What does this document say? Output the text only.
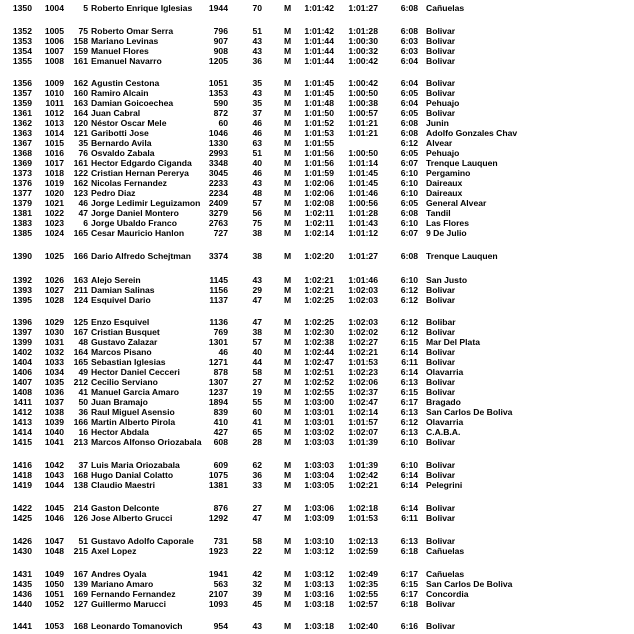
1350	1004	5 Roberto Enrique Iglesias	1944	70	M 1:01:42 1:01:27	6:08 Cañuelas
1352	1005	75 Roberto Omar Serra	796	51	M 1:01:42 1:01:28	6:08 Bolivar
1353	1006	158 Mariano Levinas	907	43	M 1:01:44 1:00:30	6:03 Bolivar
1354	1007	159 Manuel Flores	908	43	M 1:01:44 1:00:32	6:03 Bolivar
1355	1008	161 Emanuel Navarro	1205	36	M 1:01:44 1:00:42	6:04 Bolivar
1356	1009	162 Agustin Cestona	1051	35	M 1:01:45 1:00:42	6:04 Bolivar
1357	1010	160 Ramiro Alcain	1353	43	M 1:01:45 1:00:50	6:05 Bolivar
1359	1011	163 Damian Goicoechea	590	35	M 1:01:48 1:00:38	6:04 Pehuajo
1361	1012	164 Juan Cabral	872	37	M 1:01:50 1:00:57	6:05 Bolivar
1362	1013	120 Néstor Oscar Mele	60	46	M 1:01:52 1:01:21	6:08 Junin
1363	1014	121 Garibotti Jose	1046	46	M 1:01:53 1:01:21	6:08 Adolfo Gonzales Chav
1367	1015	35 Bernardo Avila	1330	63	M 1:01:55	6:12 Alvear
1368	1016	76 Osvaldo Zabala	2993	51	M 1:01:56 1:00:50	6:05 Pehuajo
1369	1017	161 Hector Edgardo Ciganda	3348	40	M 1:01:56 1:01:14	6:07 Trenque Lauquen
1373	1018	122 Cristian Hernan Pererya	3045	46	M 1:01:59 1:01:45	6:10 Pergamino
1376	1019	162 Nicolas Fernandez	2233	43	M 1:02:06 1:01:45	6:10 Daireaux
1377	1020	123 Pedro Diaz	2234	48	M 1:02:06 1:01:46	6:10 Daireaux
1379	1021	46 Jorge Ledimir Leguizamon 2409	57	M 1:02:08 1:00:56	6:05 General Alvear
1381	1022	47 Jorge Daniel Montero	3279	56	M	1:02:11 1:01:28	6:08 Tandil
1383	1023	6 Jorge Ubaldo Franco	2763	75	M	1:02:11 1:01:43	6:10 Las Flores
1385	1024	165 Cesar Mauricio Hanlon	727	38	M 1:02:14 1:01:12	6:07 9 De Julio
1390	1025	166 Dario Alfredo Schejtman	3374	38	M 1:02:20 1:01:27	6:08 Trenque Lauquen
1392	1026	163 Alejo Serein	1145	43	M 1:02:21 1:01:46	6:10 San Justo
1393	1027	211 Damian Salinas	1156	29	M 1:02:21 1:02:03	6:12 Bolivar
1395	1028	124 Esquivel Dario	1137	47	M 1:02:25 1:02:03	6:12 Bolivar
1396	1029	125 Enzo Esquivel	1136	47	M 1:02:25 1:02:03	6:12 Bolibar
1397	1030	167 Cristian Busquet	769	38	M 1:02:30 1:02:02	6:12 Bolivar
1399	1031	48 Gustavo Zalazar	1301	57	M 1:02:38 1:02:27	6:15 Mar Del Plata
1402	1032	164 Marcos Pisano	46	40	M 1:02:44 1:02:21	6:14 Bolivar
1404	1033	165 Sebastian Iglesias	1271	44	M 1:02:47 1:01:53	6:11 Bolivar
1406	1034	49 Hector Daniel Cecceri	878	58	M 1:02:51 1:02:23	6:14 Olavarria
1407	1035	212 Cecilio Serviano	1307	27	M 1:02:52 1:02:06	6:13 Bolivar
1408	1036	41 Manuel Garcia Amaro	1237	19	M 1:02:55 1:02:37	6:15 Bolivar
1411	1037	50 Juan Bramajo	1894	55	M 1:03:00 1:02:47	6:17 Bragado
1412	1038	36 Raul Miguel Asensio	839	60	M 1:03:01 1:02:14	6:13 San Carlos De Boliva
1413	1039	166 Martin Alberto Pirola	410	41	M 1:03:01 1:01:57	6:12 Olavarria
1414	1040	16 Hector Abdala	427	65	M 1:03:02 1:02:07	6:13 C.A.B.A.
1415	1041	213 Marcos Alfonso Oriozabala	608	28	M 1:03:03 1:01:39	6:10 Bolivar
1416	1042	37 Luis Maria Oriozabala	609	62	M 1:03:03 1:01:39	6:10 Bolivar
1418	1043	168 Hugo Danial Colatto	1075	36	M 1:03:04 1:02:42	6:14 Bolivar
1419	1044	138 Claudio Maestri	1381	33	M 1:03:05 1:02:21	6:14 Pelegrini
1422	1045	214 Gaston Delconte	876	27	M 1:03:06 1:02:18	6:14 Bolivar
1425	1046	126 Jose Alberto Grucci	1292	47	M 1:03:09 1:01:53	6:11 Bolivar
1426	1047	51 Gustavo Adolfo Caporale	731	58	M 1:03:10 1:02:13	6:13 Bolivar
1430	1048	215 Axel Lopez	1923	22	M 1:03:12 1:02:59	6:18 Cañuelas
1431	1049	167 Andres Oyala	1941	42	M 1:03:12 1:02:49	6:17 Cañuelas
1435	1050	139 Mariano Amaro	563	32	M 1:03:13 1:02:35	6:15 San Carlos De Boliva
1436	1051	169 Fernando Fernandez	2107	39	M 1:03:16 1:02:55	6:17 Concordia
1440	1052	127 Guillermo Marucci	1093	45	M 1:03:18 1:02:57	6:18 Bolivar
1441	1053	168 Leonardo Tomanovich	954	43	M 1:03:18 1:02:40	6:16 Bolivar
